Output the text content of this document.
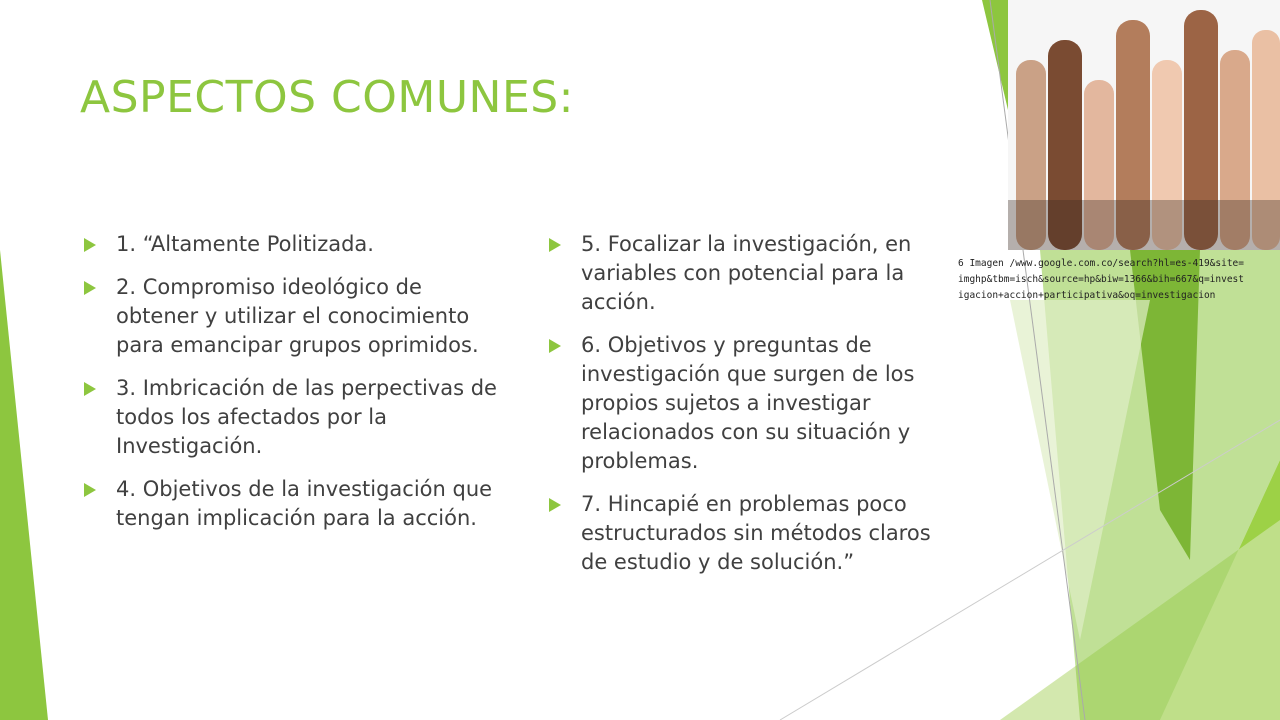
ASPECTOS COMUNES:
1. “Altamente Politizada.
2. Compromiso ideológico de obtener y utilizar el conocimiento para emancipar grupos oprimidos.
3. Imbricación de las perpectivas de todos los afectados por la Investigación.
4. Objetivos de la investigación que tengan implicación para la acción.
5. Focalizar la investigación, en variables con potencial para la acción.
6. Objetivos y preguntas de investigación que surgen de los propios sujetos a investigar relacionados con su situación y problemas.
7. Hincapié en problemas poco estructurados sin métodos claros de estudio y de solución.”
6 Imagen /www.google.com.co/search?hl=es-419&site=imghp&tbm=isch&source=hp&biw=1366&bih=667&q=investigacion+accion+participativa&oq=investigacion
